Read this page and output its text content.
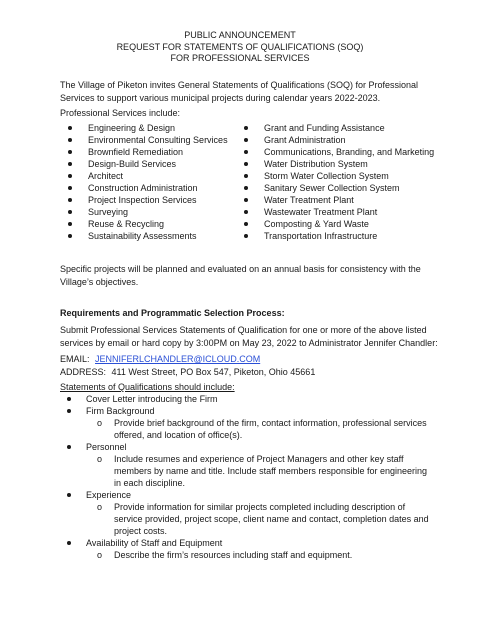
PUBLIC ANNOUNCEMENT
REQUEST FOR STATEMENTS OF QUALIFICATIONS (SOQ)
FOR PROFESSIONAL SERVICES
The Village of Piketon invites General Statements of Qualifications (SOQ) for Professional
Services to support various municipal projects during calendar years 2022-2023.
Professional Services include:
Engineering & Design
Environmental Consulting Services
Brownfield Remediation
Design-Build Services
Architect
Construction Administration
Project Inspection Services
Surveying
Reuse & Recycling
Sustainability Assessments
Grant and Funding Assistance
Grant Administration
Communications, Branding, and Marketing
Water Distribution System
Storm Water Collection System
Sanitary Sewer Collection System
Water Treatment Plant
Wastewater Treatment Plant
Composting & Yard Waste
Transportation Infrastructure
Specific projects will be planned and evaluated on an annual basis for consistency with the
Village’s objectives.
Requirements and Programmatic Selection Process:
Submit Professional Services Statements of Qualification for one or more of the above listed
services by email or hard copy by 3:00PM on May 23, 2022 to Administrator Jennifer Chandler:
EMAIL: JENNIFERLCHANDLER@ICLOUD.COM
ADDRESS: 411 West Street, PO Box 547, Piketon, Ohio 45661
Statements of Qualifications should include:
Cover Letter introducing the Firm
Firm Background
o Provide brief background of the firm, contact information, professional services
offered, and location of office(s).
Personnel
o Include resumes and experience of Project Managers and other key staff
members by name and title. Include staff members responsible for engineering
in each discipline.
Experience
o Provide information for similar projects completed including description of
service provided, project scope, client name and contact, completion dates and
project costs.
Availability of Staff and Equipment
o Describe the firm’s resources including staff and equipment.
